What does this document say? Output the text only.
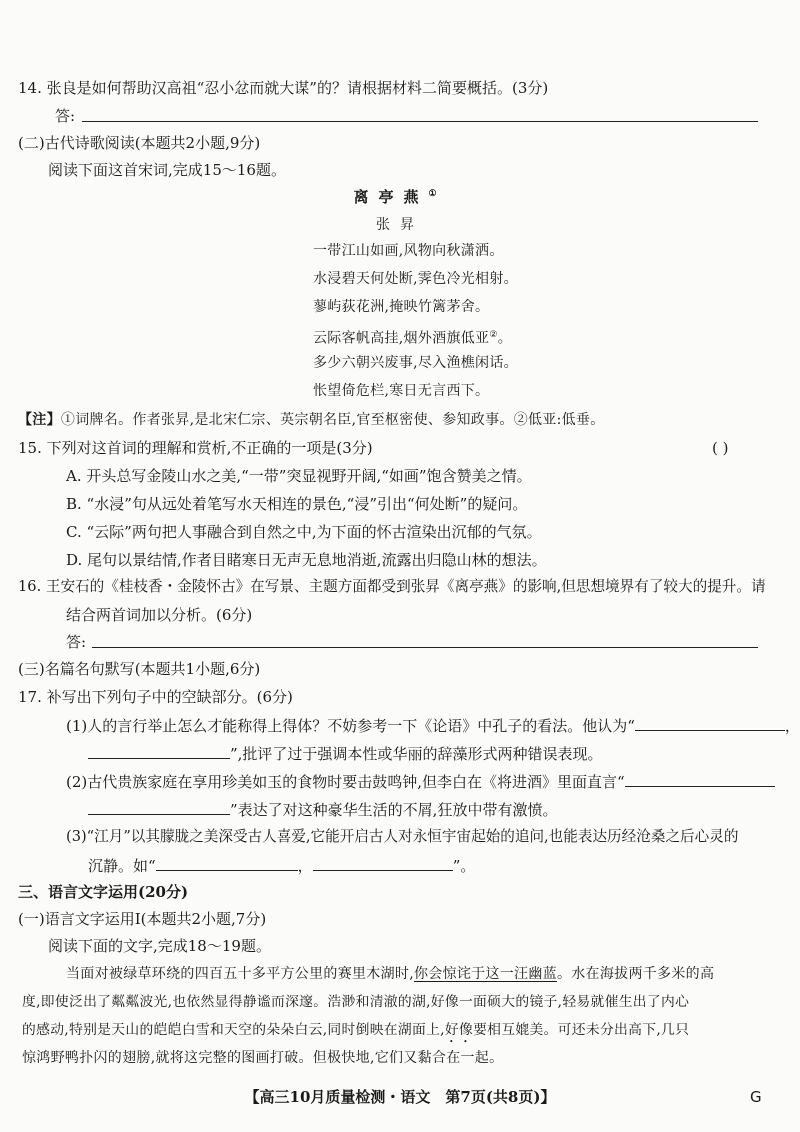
14. 张良是如何帮助汉高祖“忍小忿而就大谋”的？请根据材料二简要概括。(3分)
答:
(二)古代诗歌阅读(本题共2小题,9分)
阅读下面这首宋词,完成15～16题。
离亭燕①
张昇
一带江山如画,风物向秋潇洒。
水浸碧天何处断,霁色冷光相射。
蓼屿荻花洲,掩映竹篱茅舍。
云际客帆高挂,烟外酒旗低亚②。
多少六朝兴废事,尽入渔樵闲话。
怅望倚危栏,寒日无言西下。
【注】①词牌名。作者张昇,是北宋仁宗、英宗朝名臣,官至枢密使、参知政事。②低亚:低垂。
15. 下列对这首词的理解和赏析,不正确的一项是(3分)	( )
A. 开头总写金陵山水之美,“一带”突显视野开阔,“如画”饱含赞美之情。
B. “水浸”句从远处着笔写水天相连的景色,“浸”引出“何处断”的疑问。
C. “云际”两句把人事融合到自然之中,为下面的怀古渲染出沉郁的气氛。
D. 尾句以景结情,作者目睹寒日无声无息地消逝,流露出归隐山林的想法。
16. 王安石的《桂枝香・金陵怀古》在写景、主题方面都受到张昇《离亭燕》的影响,但思想境界有了较大的提升。请
结合两首词加以分析。(6分)
答:
(三)名篇名句默写(本题共1小题,6分)
17. 补写出下列句子中的空缺部分。(6分)
(1)人的言行举止怎么才能称得上得体？不妨参考一下《论语》中孔子的看法。他认为“	，
”,批评了过于强调本性或华丽的辞藻形式两种错误表现。
(2)古代贵族家庭在享用珍美如玉的食物时要击鼓鸣钟,但李白在《将进酒》里面直言“
”表达了对这种豪华生活的不屑,狂放中带有激愤。
(3)“江月”以其朦胧之美深受古人喜爱,它能开启古人对永恒宇宙起始的追问,也能表达历经沧桑之后心灵的
沉静。如“	，	”。
三、语言文字运用(20分)
(一)语言文字运用Ⅰ(本题共2小题,7分)
阅读下面的文字,完成18～19题。
当面对被绿草环绕的四百五十多平方公里的赛里木湖时,你会惊诧于这一汪幽蓝。水在海拔两千多米的高
度,即使泛出了粼粼波光,也依然显得静谧而深邃。浩渺和清澈的湖,好像一面硕大的镜子,轻易就催生出了内心
的感动,特别是天山的皑皑白雪和天空的朵朵白云,同时倒映在湖面上,好像要相互媲美。可还未分出高下,几只
惊鸿野鸭扑闪的翅膀,就将这完整的图画打破。但极快地,它们又黏合在一起。
【高三10月质量检测・语文　第7页(共8页)】	G
